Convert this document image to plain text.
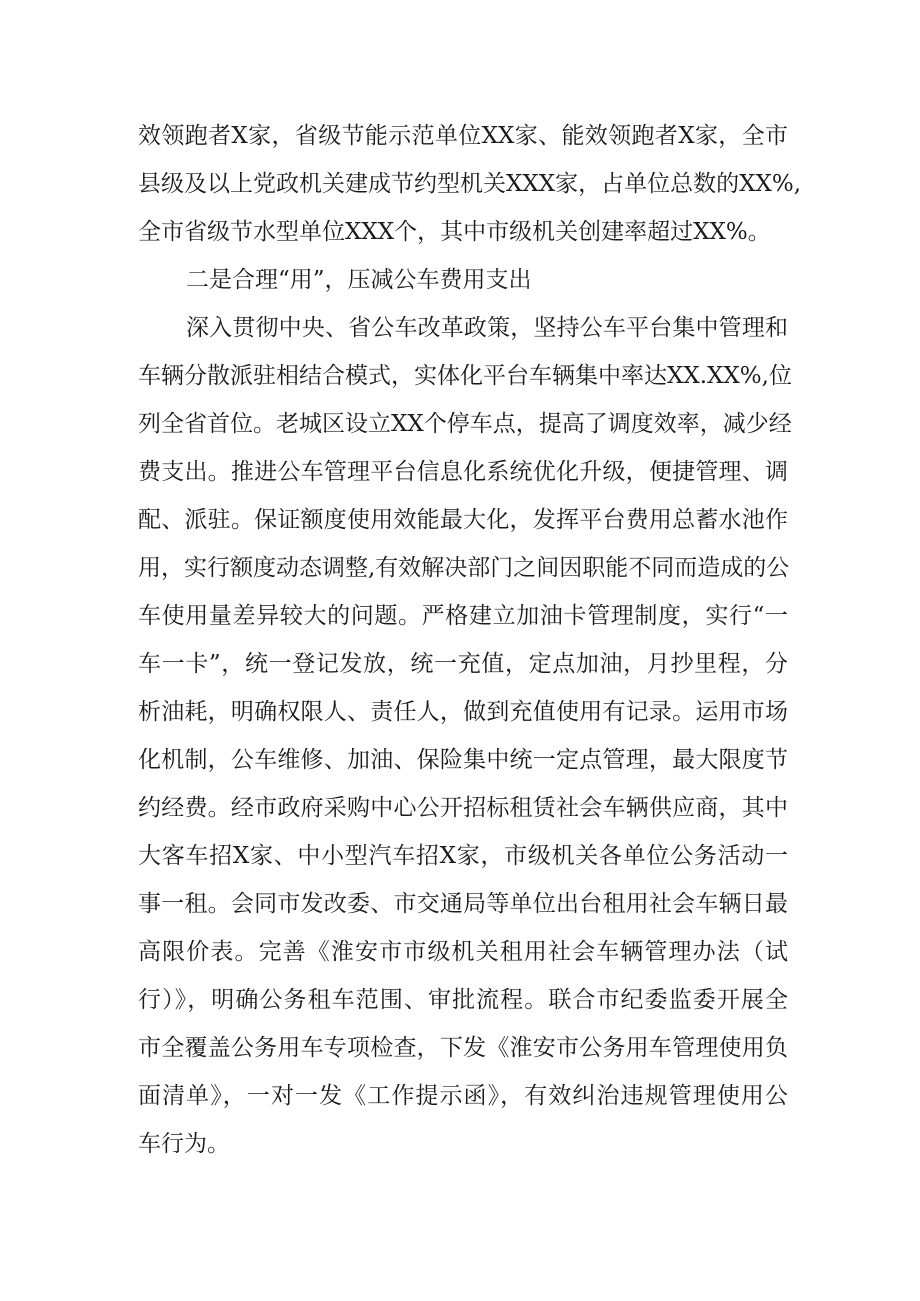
效领跑者X家，省级节能示范单位XX家、能效领跑者X家，全市
县级及以上党政机关建成节约型机关XXX家，占单位总数的XX%,
全市省级节水型单位XXX个，其中市级机关创建率超过XX%。
二是合理“用”，压减公车费用支出
深入贯彻中央、省公车改革政策，坚持公车平台集中管理和
车辆分散派驻相结合模式，实体化平台车辆集中率达XX.XX%,位
列全省首位。老城区设立XX个停车点，提高了调度效率，减少经
费支出。推进公车管理平台信息化系统优化升级，便捷管理、调
配、派驻。保证额度使用效能最大化，发挥平台费用总蓄水池作
用，实行额度动态调整,有效解决部门之间因职能不同而造成的公
车使用量差异较大的问题。严格建立加油卡管理制度，实行“一
车一卡”，统一登记发放，统一充值，定点加油，月抄里程，分
析油耗，明确权限人、责任人，做到充值使用有记录。运用市场
化机制，公车维修、加油、保险集中统一定点管理，最大限度节
约经费。经市政府采购中心公开招标租赁社会车辆供应商，其中
大客车招X家、中小型汽车招X家，市级机关各单位公务活动一
事一租。会同市发改委、市交通局等单位出台租用社会车辆日最
高限价表。完善《淮安市市级机关租用社会车辆管理办法（试
行）》，明确公务租车范围、审批流程。联合市纪委监委开展全
市全覆盖公务用车专项检查，下发《淮安市公务用车管理使用负
面清单》，一对一发《工作提示函》，有效纠治违规管理使用公
车行为。
